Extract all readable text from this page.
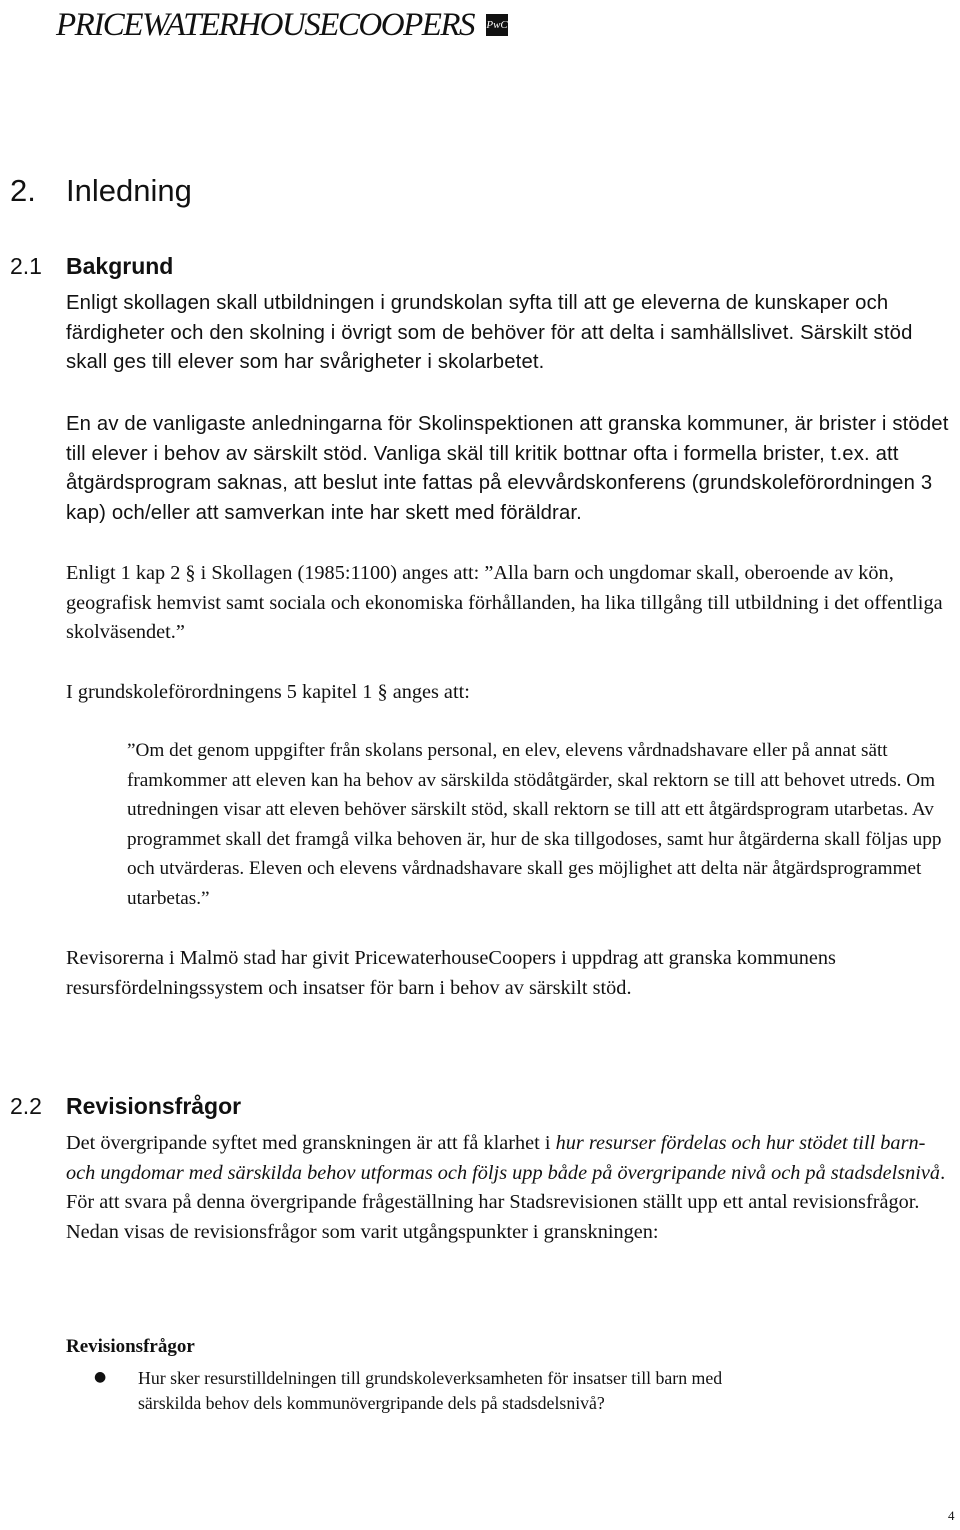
PRICEWATERHOUSECOOPERS PwC
2. Inledning
2.1 Bakgrund

Enligt skollagen skall utbildningen i grundskolan syfta till att ge eleverna de kunskaper och färdigheter och den skolning i övrigt som de behöver för att delta i samhällslivet. Särskilt stöd skall ges till elever som har svårigheter i skolarbetet.

En av de vanligaste anledningarna för Skolinspektionen att granska kommuner, är brister i stödet till elever i behov av särskilt stöd. Vanliga skäl till kritik bottnar ofta i formella brister, t.ex. att åtgärdsprogram saknas, att beslut inte fattas på elevvårdskonferens (grundskoleförordningen 3 kap) och/eller att samverkan inte har skett med föräldrar.

Enligt 1 kap 2 § i Skollagen (1985:1100) anges att: ”Alla barn och ungdomar skall, oberoende av kön, geografisk hemvist samt sociala och ekonomiska förhållanden, ha lika tillgång till utbildning i det offentliga skolväsendet.”

I grundskoleförordningens 5 kapitel 1 § anges att:

”Om det genom uppgifter från skolans personal, en elev, elevens vårdnadshavare eller på annat sätt framkommer att eleven kan ha behov av särskilda stödåtgärder, skal rektorn se till att behovet utreds. Om utredningen visar att eleven behöver särskilt stöd, skall rektorn se till att ett åtgärdsprogram utarbetas. Av programmet skall det framgå vilka behoven är, hur de ska tillgodoses, samt hur åtgärderna skall följas upp och utvärderas. Eleven och elevens vårdnadshavare skall ges möjlighet att delta när åtgärdsprogrammet utarbetas.”

Revisorerna i Malmö stad har givit PricewaterhouseCoopers i uppdrag att granska kommunens resursfördelningssystem och insatser för barn i behov av särskilt stöd.

2.2 Revisionsfrågor

Det övergripande syftet med granskningen är att få klarhet i hur resurser fördelas och hur stödet till barn- och ungdomar med särskilda behov utformas och följs upp både på övergripande nivå och på stadsdelsnivå. För att svara på denna övergripande frågeställning har Stadsrevisionen ställt upp ett antal revisionsfrågor. Nedan visas de revisionsfrågor som varit utgångspunkter i granskningen:

Revisionsfrågor
● Hur sker resurstilldelningen till grundskoleverksamheten för insatser till barn med särskilda behov dels kommunövergripande dels på stadsdelsnivå?

4
